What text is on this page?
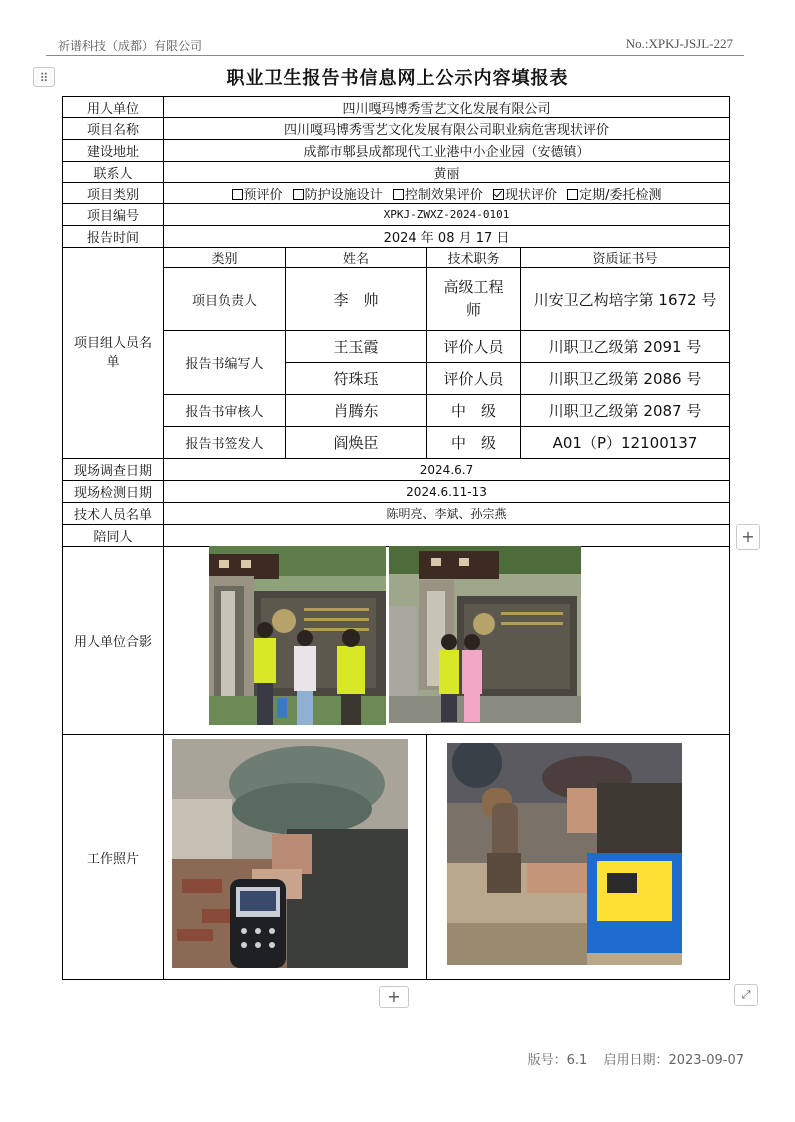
祈谱科技（成都）有限公司	No.:XPKJ-JSJL-227
⠿	职业卫生报告书信息网上公示内容填报表
用人单位	四川嘎玛博秀雪艺文化发展有限公司			
项目名称	四川嘎玛博秀雪艺文化发展有限公司职业病危害现状评价			
建设地址	成都市郫县成都现代工业港中小企业园（安德镇）			
联系人	黄丽			
项目类别	预评价 防护设施设计 控制效果评价 现状评价 定期/委托检测			
项目编号	XPKJ-ZWXZ-2024-0101			
报告时间	2024 年 08 月 17 日			
项目组人员名单	类别	姓名	技术职务	资质证书号
	项目负责人	李　帅	高级工程师	川安卫乙构培字第 1672 号
	报告书编写人	王玉霞	评价人员	川职卫乙级第 2091 号
		符珠珏	评价人员	川职卫乙级第 2086 号
	报告书审核人	肖腾东	中　级	川职卫乙级第 2087 号
	报告书签发人	阎焕臣	中　级	A01（P）12100137
现场调查日期	2024.6.7			
现场检测日期	2024.6.11-13			
技术人员名单	陈明亮、李斌、孙宗燕			
陪同人				
用人单位合影				
工作照片				
+
+	⤢
版号：6.1 启用日期：2023-09-07
